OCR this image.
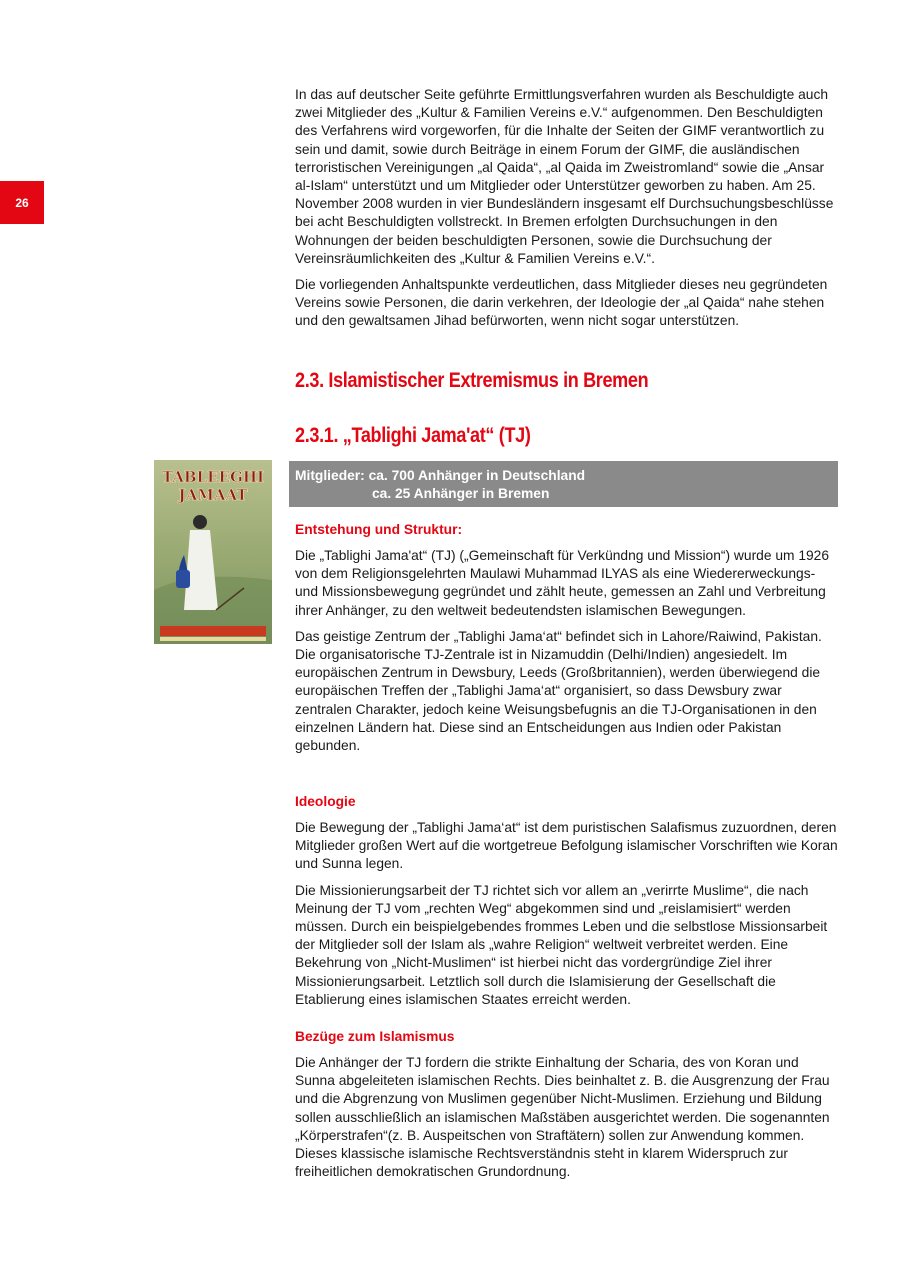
26

In das auf deutscher Seite geführte Ermittlungsverfahren wurden als Beschuldigte auch zwei Mitglieder des „Kultur & Familien Vereins e.V.“ aufgenommen. Den Beschuldigten des Verfahrens wird vorgeworfen, für die Inhalte der Seiten der GIMF verantwortlich zu sein und damit, sowie durch Beiträge in einem Forum der GIMF, die ausländischen terroristischen Vereinigungen „al Qaida“, „al Qaida im Zweistromland“ sowie die „Ansar al-Islam“ unterstützt und um Mitglieder oder Unterstützer geworben zu haben. Am 25. November 2008 wurden in vier Bundesländern insgesamt elf Durchsuchungsbeschlüsse bei acht Beschuldigten vollstreckt. In Bremen erfolgten Durchsuchungen in den Wohnungen der beiden beschuldigten Personen, sowie die Durchsuchung der Vereinsräumlichkeiten des „Kultur & Familien Vereins e.V.“.

Die vorliegenden Anhaltspunkte verdeutlichen, dass Mitglieder dieses neu gegründeten Vereins sowie Personen, die darin verkehren, der Ideologie der „al Qaida“ nahe stehen und den gewaltsamen Jihad befürworten, wenn nicht sogar unterstützen.

2.3. Islamistischer Extremismus in Bremen
2.3.1. „Tablighi Jama'at“ (TJ)
TABLEEGHI
JAMAAT
Mitglieder: ca. 700 Anhänger in Deutschland
ca. 25 Anhänger in Bremen
Entstehung und Struktur:

Die „Tablighi Jama'at“ (TJ) („Gemeinschaft für Verkündng und Mission“) wurde um 1926 von dem Religionsgelehrten Maulawi Muhammad ILYAS als eine Wiedererweckungs- und Missionsbewegung gegründet und zählt heute, gemessen an Zahl und Verbreitung ihrer Anhänger, zu den weltweit bedeutendsten islamischen Bewegungen.

Das geistige Zentrum der „Tablighi Jama‘at“ befindet sich in Lahore/Raiwind, Pakistan. Die organisatorische TJ-Zentrale ist in Nizamuddin (Delhi/Indien) angesiedelt. Im europäischen Zentrum in Dewsbury, Leeds (Großbritannien), werden überwiegend die europäischen Treffen der „Tablighi Jama‘at“ organisiert, so dass Dewsbury zwar zentralen Charakter, jedoch keine Weisungsbefugnis an die TJ-Organisationen in den einzelnen Ländern hat. Diese sind an Entscheidungen aus Indien oder Pakistan gebunden.

Ideologie

Die Bewegung der „Tablighi Jama‘at“ ist dem puristischen Salafismus zuzuordnen, deren Mitglieder großen Wert auf die wortgetreue Befolgung islamischer Vorschriften wie Koran und Sunna legen.

Die Missionierungsarbeit der TJ richtet sich vor allem an „verirrte Muslime“, die nach Meinung der TJ vom „rechten Weg“ abgekommen sind und „reislamisiert“ werden müssen. Durch ein beispielgebendes frommes Leben und die selbstlose Missionsarbeit der Mitglieder soll der Islam als „wahre Religion“ weltweit verbreitet werden. Eine Bekehrung von „Nicht-Muslimen“ ist hierbei nicht das vordergründige Ziel ihrer Missionierungsarbeit. Letztlich soll durch die Islamisierung der Gesellschaft die Etablierung eines islamischen Staates erreicht werden.

Bezüge zum Islamismus

Die Anhänger der TJ fordern die strikte Einhaltung der Scharia, des von Koran und Sunna abgeleiteten islamischen Rechts. Dies beinhaltet z. B. die Ausgrenzung der Frau und die Abgrenzung von Muslimen gegenüber Nicht-Muslimen. Erziehung und Bildung sollen ausschließlich an islamischen Maßstäben ausgerichtet werden. Die sogenannten „Körperstrafen“(z. B. Auspeitschen von Straftätern) sollen zur Anwendung kommen. Dieses klassische islamische Rechtsverständnis steht in klarem Widerspruch zur freiheitlichen demokratischen Grundordnung.
